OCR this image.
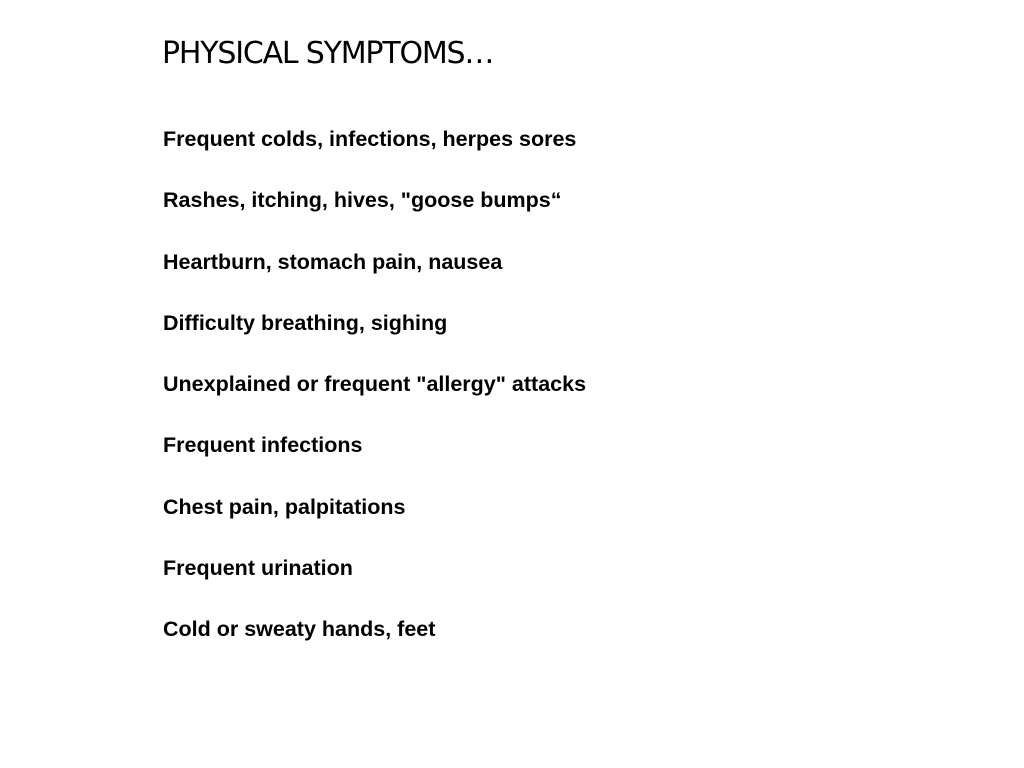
PHYSICAL SYMPTOMS…
Frequent colds, infections, herpes sores
Rashes, itching, hives, "goose bumps“
Heartburn, stomach pain, nausea
Difficulty breathing, sighing
Unexplained or frequent "allergy" attacks
Frequent infections
Chest pain, palpitations
Frequent urination
Cold or sweaty hands, feet
